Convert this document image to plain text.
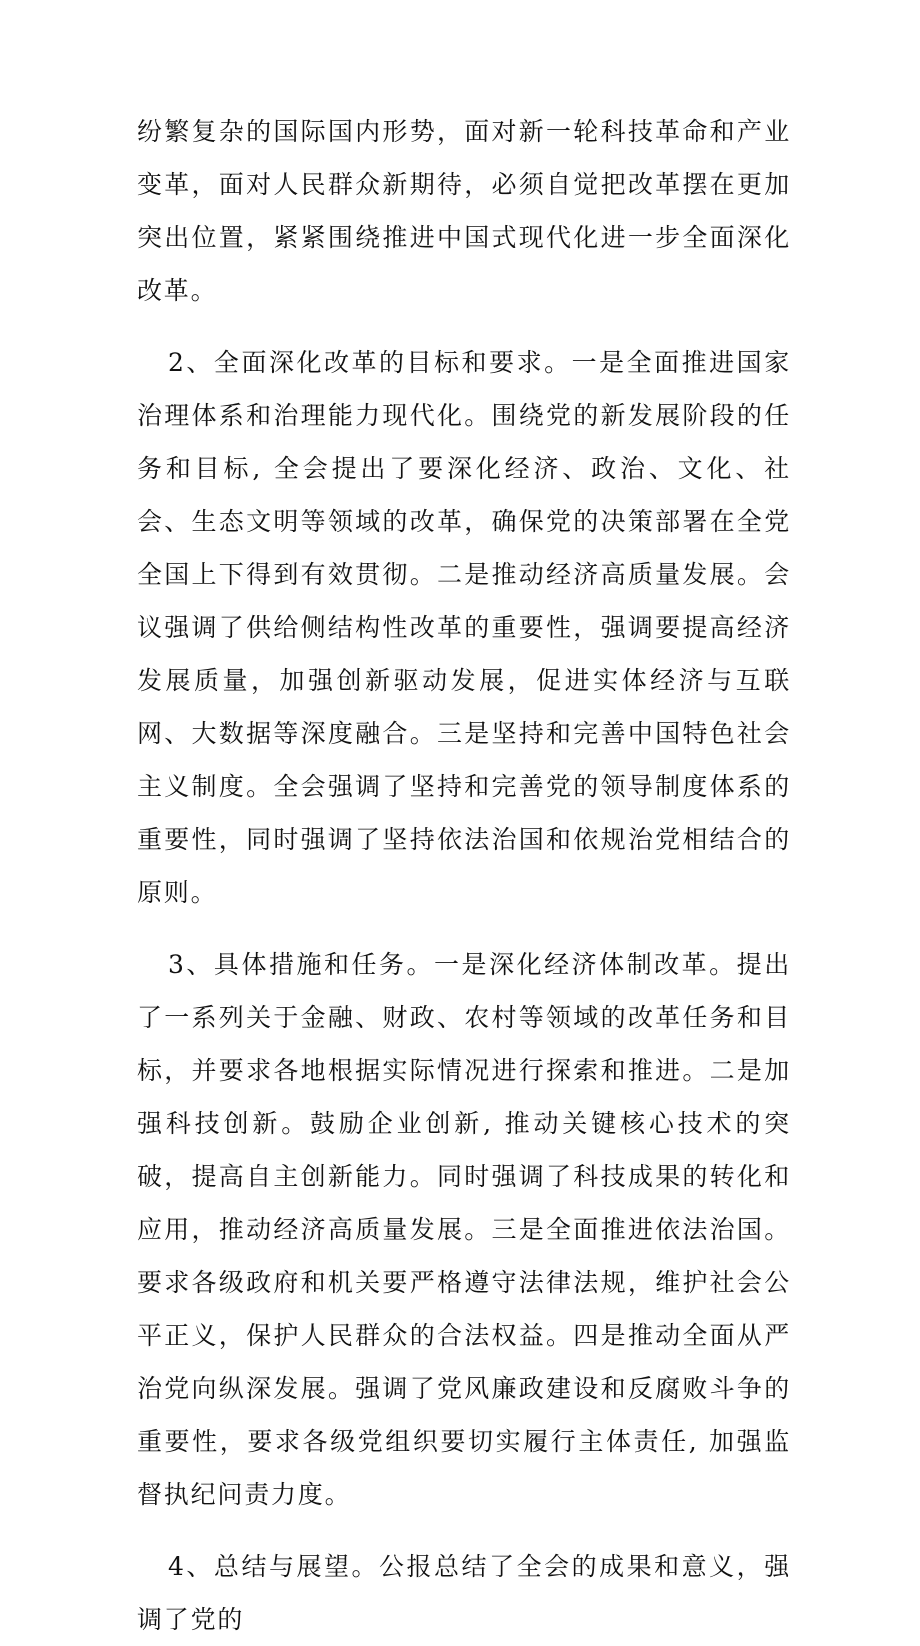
纷繁复杂的国际国内形势，面对新一轮科技革命和产业变革，面对人民群众新期待，必须自觉把改革摆在更加突出位置，紧紧围绕推进中国式现代化进一步全面深化改革。

2、全面深化改革的目标和要求。一是全面推进国家治理体系和治理能力现代化。围绕党的新发展阶段的任务和目标, 全会提出了要深化经济、政治、文化、社会、生态文明等领域的改革，确保党的决策部署在全党全国上下得到有效贯彻。二是推动经济高质量发展。会议强调了供给侧结构性改革的重要性，强调要提高经济发展质量，加强创新驱动发展，促进实体经济与互联网、大数据等深度融合。三是坚持和完善中国特色社会主义制度。全会强调了坚持和完善党的领导制度体系的重要性，同时强调了坚持依法治国和依规治党相结合的原则。

3、具体措施和任务。一是深化经济体制改革。提出了一系列关于金融、财政、农村等领域的改革任务和目标，并要求各地根据实际情况进行探索和推进。二是加强科技创新。鼓励企业创新, 推动关键核心技术的突破，提高自主创新能力。同时强调了科技成果的转化和应用，推动经济高质量发展。三是全面推进依法治国。要求各级政府和机关要严格遵守法律法规，维护社会公平正义，保护人民群众的合法权益。四是推动全面从严治党向纵深发展。强调了党风廉政建设和反腐败斗争的重要性，要求各级党组织要切实履行主体责任, 加强监督执纪问责力度。

4、总结与展望。公报总结了全会的成果和意义，强调了党的
